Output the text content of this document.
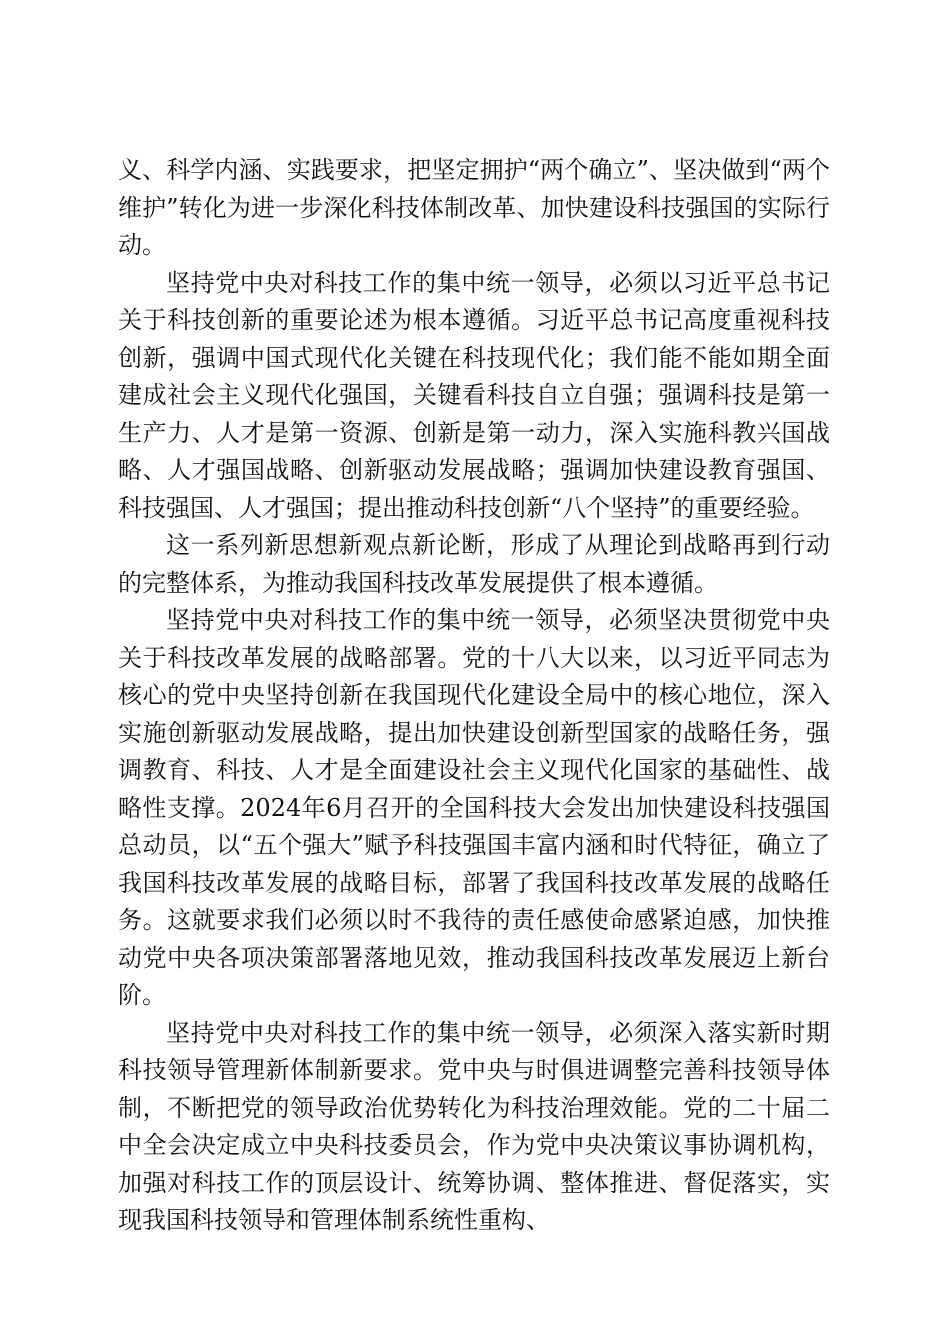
义、科学内涵、实践要求，把坚定拥护“两个确立”、坚决做到“两个维护”转化为进一步深化科技体制改革、加快建设科技强国的实际行动。

坚持党中央对科技工作的集中统一领导，必须以习近平总书记关于科技创新的重要论述为根本遵循。习近平总书记高度重视科技创新，强调中国式现代化关键在科技现代化；我们能不能如期全面建成社会主义现代化强国，关键看科技自立自强；强调科技是第一生产力、人才是第一资源、创新是第一动力，深入实施科教兴国战略、人才强国战略、创新驱动发展战略；强调加快建设教育强国、科技强国、人才强国；提出推动科技创新“八个坚持”的重要经验。

这一系列新思想新观点新论断，形成了从理论到战略再到行动的完整体系，为推动我国科技改革发展提供了根本遵循。

坚持党中央对科技工作的集中统一领导，必须坚决贯彻党中央关于科技改革发展的战略部署。党的十八大以来，以习近平同志为核心的党中央坚持创新在我国现代化建设全局中的核心地位，深入实施创新驱动发展战略，提出加快建设创新型国家的战略任务，强调教育、科技、人才是全面建设社会主义现代化国家的基础性、战略性支撑。2024年6月召开的全国科技大会发出加快建设科技强国总动员，以“五个强大”赋予科技强国丰富内涵和时代特征，确立了我国科技改革发展的战略目标，部署了我国科技改革发展的战略任务。这就要求我们必须以时不我待的责任感使命感紧迫感，加快推动党中央各项决策部署落地见效，推动我国科技改革发展迈上新台阶。

坚持党中央对科技工作的集中统一领导，必须深入落实新时期科技领导管理新体制新要求。党中央与时俱进调整完善科技领导体制，不断把党的领导政治优势转化为科技治理效能。党的二十届二中全会决定成立中央科技委员会，作为党中央决策议事协调机构，加强对科技工作的顶层设计、统筹协调、整体推进、督促落实，实现我国科技领导和管理体制系统性重构、
